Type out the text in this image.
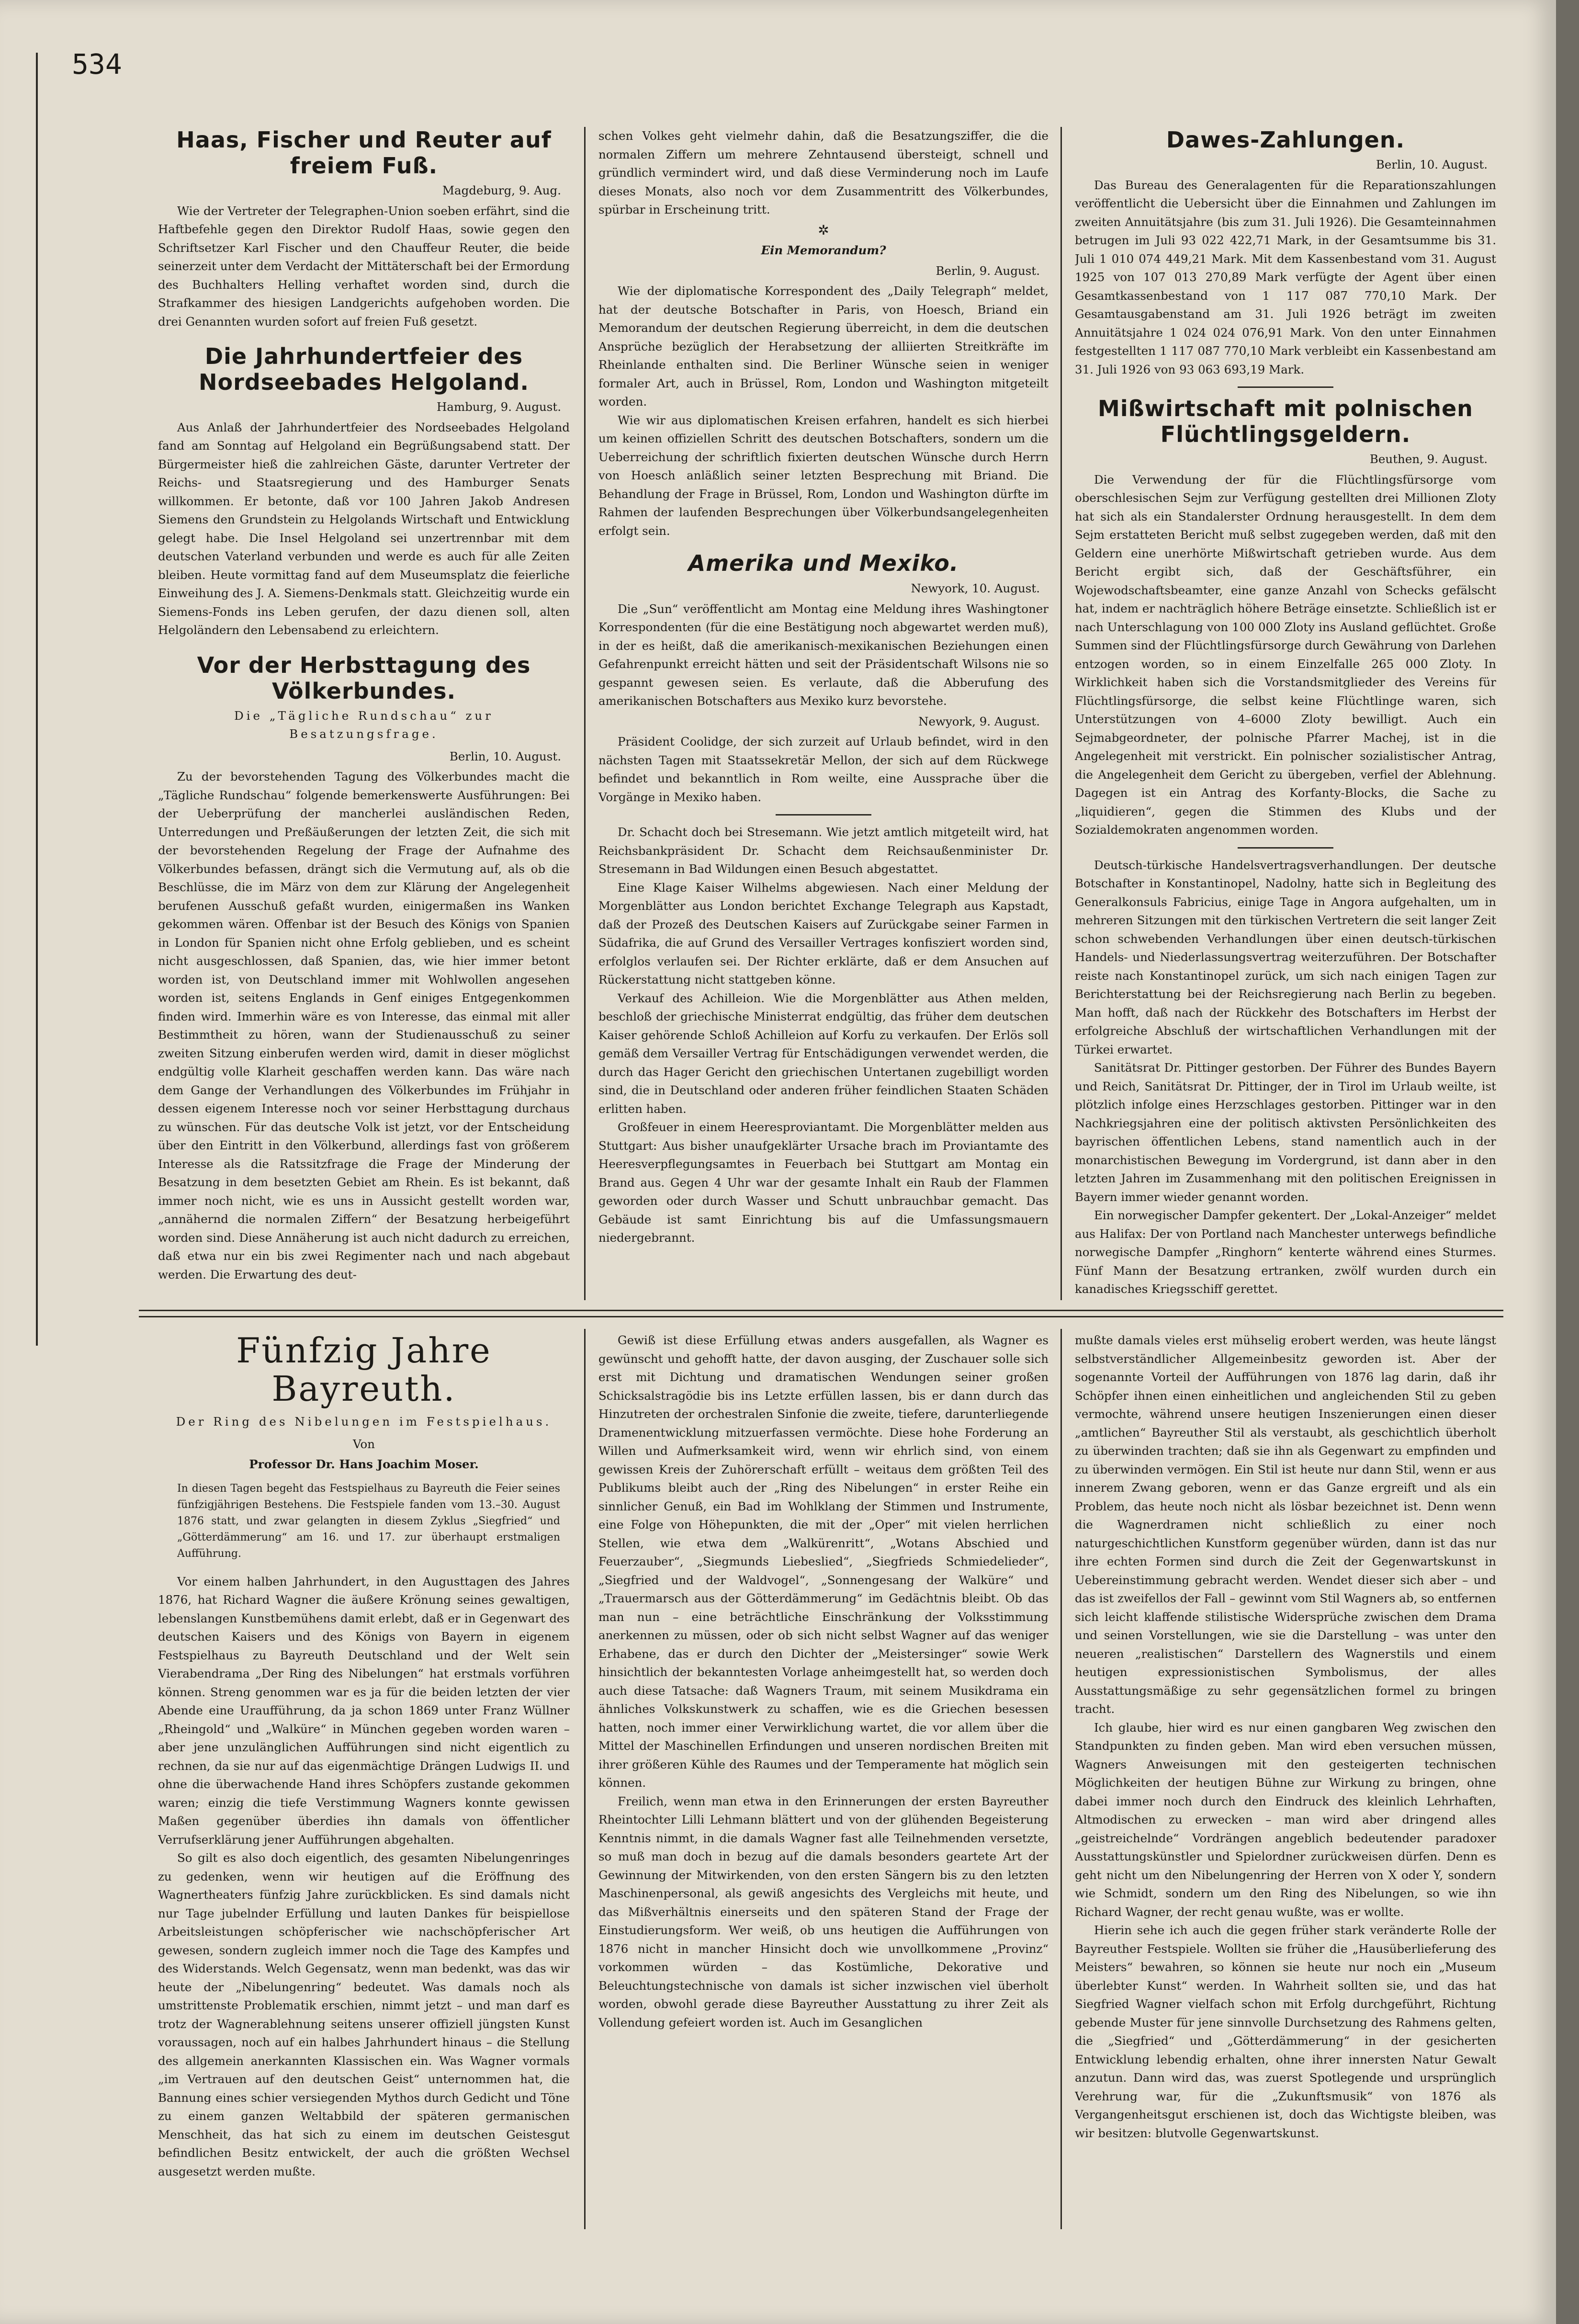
534
Haas, Fischer und Reuter auf freiem Fuß.
Magdeburg, 9. Aug.

Wie der Vertreter der Telegraphen-Union soeben erfährt, sind die Haftbefehle gegen den Direktor Rudolf Haas, sowie gegen den Schriftsetzer Karl Fischer und den Chauffeur Reuter, die beide seinerzeit unter dem Verdacht der Mittäterschaft bei der Ermordung des Buchhalters Helling verhaftet worden sind, durch die Strafkammer des hiesigen Landgerichts aufgehoben worden. Die drei Genannten wurden sofort auf freien Fuß gesetzt.

Die Jahrhundertfeier des Nordseebades Helgoland.
Hamburg, 9. August.

Aus Anlaß der Jahrhundertfeier des Nordseebades Helgoland fand am Sonntag auf Helgoland ein Begrüßungsabend statt. Der Bürgermeister hieß die zahlreichen Gäste, darunter Vertreter der Reichs- und Staatsregierung und des Hamburger Senats willkommen. Er betonte, daß vor 100 Jahren Jakob Andresen Siemens den Grundstein zu Helgolands Wirtschaft und Entwicklung gelegt habe. Die Insel Helgoland sei unzertrennbar mit dem deutschen Vaterland verbunden und werde es auch für alle Zeiten bleiben. Heute vormittag fand auf dem Museumsplatz die feierliche Einweihung des J. A. Siemens-Denkmals statt. Gleichzeitig wurde ein Siemens-Fonds ins Leben gerufen, der dazu dienen soll, alten Helgoländern den Lebensabend zu erleichtern.

Vor der Herbsttagung des Völkerbundes.
Die „Tägliche Rundschau“ zur Besatzungsfrage.
Berlin, 10. August.

Zu der bevorstehenden Tagung des Völkerbundes macht die „Tägliche Rundschau“ folgende bemerkenswerte Ausführungen: Bei der Ueberprüfung der mancherlei ausländischen Reden, Unterredungen und Preßäußerungen der letzten Zeit, die sich mit der bevorstehenden Regelung der Frage der Aufnahme des Völkerbundes befassen, drängt sich die Vermutung auf, als ob die Beschlüsse, die im März von dem zur Klärung der Angelegenheit berufenen Ausschuß gefaßt wurden, einigermaßen ins Wanken gekommen wären. Offenbar ist der Besuch des Königs von Spanien in London für Spanien nicht ohne Erfolg geblieben, und es scheint nicht ausgeschlossen, daß Spanien, das, wie hier immer betont worden ist, von Deutschland immer mit Wohlwollen angesehen worden ist, seitens Englands in Genf einiges Entgegenkommen finden wird. Immerhin wäre es von Interesse, das einmal mit aller Bestimmtheit zu hören, wann der Studienausschuß zu seiner zweiten Sitzung einberufen werden wird, damit in dieser möglichst endgültig volle Klarheit geschaffen werden kann. Das wäre nach dem Gange der Verhandlungen des Völkerbundes im Frühjahr in dessen eigenem Interesse noch vor seiner Herbsttagung durchaus zu wünschen. Für das deutsche Volk ist jetzt, vor der Entscheidung über den Eintritt in den Völkerbund, allerdings fast von größerem Interesse als die Ratssitzfrage die Frage der Minderung der Besatzung in dem besetzten Gebiet am Rhein. Es ist bekannt, daß immer noch nicht, wie es uns in Aussicht gestellt worden war, „annähernd die normalen Ziffern“ der Besatzung herbeigeführt worden sind. Diese Annäherung ist auch nicht dadurch zu erreichen, daß etwa nur ein bis zwei Regimenter nach und nach abgebaut werden. Die Erwartung des deut-

schen Volkes geht vielmehr dahin, daß die Besatzungsziffer, die die normalen Ziffern um mehrere Zehntausend übersteigt, schnell und gründlich vermindert wird, und daß diese Verminderung noch im Laufe dieses Monats, also noch vor dem Zusammentritt des Völkerbundes, spürbar in Erscheinung tritt.

✲
Ein Memorandum?
Berlin, 9. August.

Wie der diplomatische Korrespondent des „Daily Telegraph“ meldet, hat der deutsche Botschafter in Paris, von Hoesch, Briand ein Memorandum der deutschen Regierung überreicht, in dem die deutschen Ansprüche bezüglich der Herabsetzung der alliierten Streitkräfte im Rheinlande enthalten sind. Die Berliner Wünsche seien in weniger formaler Art, auch in Brüssel, Rom, London und Washington mitgeteilt worden.

Wie wir aus diplomatischen Kreisen erfahren, handelt es sich hierbei um keinen offiziellen Schritt des deutschen Botschafters, sondern um die Ueberreichung der schriftlich fixierten deutschen Wünsche durch Herrn von Hoesch anläßlich seiner letzten Besprechung mit Briand. Die Behandlung der Frage in Brüssel, Rom, London und Washington dürfte im Rahmen der laufenden Besprechungen über Völkerbundsangelegenheiten erfolgt sein.

Amerika und Mexiko.
Newyork, 10. August.

Die „Sun“ veröffentlicht am Montag eine Meldung ihres Washingtoner Korrespondenten (für die eine Bestätigung noch abgewartet werden muß), in der es heißt, daß die amerikanisch-mexikanischen Beziehungen einen Gefahrenpunkt erreicht hätten und seit der Präsidentschaft Wilsons nie so gespannt gewesen seien. Es verlaute, daß die Abberufung des amerikanischen Botschafters aus Mexiko kurz bevorstehe.

Newyork, 9. August.

Präsident Coolidge, der sich zurzeit auf Urlaub befindet, wird in den nächsten Tagen mit Staatssekretär Mellon, der sich auf dem Rückwege befindet und bekanntlich in Rom weilte, eine Aussprache über die Vorgänge in Mexiko haben.

Dr. Schacht doch bei Stresemann. Wie jetzt amtlich mitgeteilt wird, hat Reichsbankpräsident Dr. Schacht dem Reichsaußenminister Dr. Stresemann in Bad Wildungen einen Besuch abgestattet.

Eine Klage Kaiser Wilhelms abgewiesen. Nach einer Meldung der Morgenblätter aus London berichtet Exchange Telegraph aus Kapstadt, daß der Prozeß des Deutschen Kaisers auf Zurückgabe seiner Farmen in Südafrika, die auf Grund des Versailler Vertrages konfisziert worden sind, erfolglos verlaufen sei. Der Richter erklärte, daß er dem Ansuchen auf Rückerstattung nicht stattgeben könne.

Verkauf des Achilleion. Wie die Morgenblätter aus Athen melden, beschloß der griechische Ministerrat endgültig, das früher dem deutschen Kaiser gehörende Schloß Achilleion auf Korfu zu verkaufen. Der Erlös soll gemäß dem Versailler Vertrag für Entschädigungen verwendet werden, die durch das Hager Gericht den griechischen Untertanen zugebilligt worden sind, die in Deutschland oder anderen früher feindlichen Staaten Schäden erlitten haben.

Großfeuer in einem Heeresproviantamt. Die Morgenblätter melden aus Stuttgart: Aus bisher unaufgeklärter Ursache brach im Proviantamte des Heeresverpflegungsamtes in Feuerbach bei Stuttgart am Montag ein Brand aus. Gegen 4 Uhr war der gesamte Inhalt ein Raub der Flammen geworden oder durch Wasser und Schutt unbrauchbar gemacht. Das Gebäude ist samt Einrichtung bis auf die Umfassungsmauern niedergebrannt.

Dawes-Zahlungen.
Berlin, 10. August.

Das Bureau des Generalagenten für die Reparationszahlungen veröffentlicht die Uebersicht über die Einnahmen und Zahlungen im zweiten Annuitätsjahre (bis zum 31. Juli 1926). Die Gesamteinnahmen betrugen im Juli 93 022 422,71 Mark, in der Gesamtsumme bis 31. Juli 1 010 074 449,21 Mark. Mit dem Kassenbestand vom 31. August 1925 von 107 013 270,89 Mark verfügte der Agent über einen Gesamtkassenbestand von 1 117 087 770,10 Mark. Der Gesamtausgabenstand am 31. Juli 1926 beträgt im zweiten Annuitätsjahre 1 024 024 076,91 Mark. Von den unter Einnahmen festgestellten 1 117 087 770,10 Mark verbleibt ein Kassenbestand am 31. Juli 1926 von 93 063 693,19 Mark.

Mißwirtschaft mit polnischen Flüchtlingsgeldern.
Beuthen, 9. August.

Die Verwendung der für die Flüchtlingsfürsorge vom oberschlesischen Sejm zur Verfügung gestellten drei Millionen Zloty hat sich als ein Standalerster Ordnung herausgestellt. In dem dem Sejm erstatteten Bericht muß selbst zugegeben werden, daß mit den Geldern eine unerhörte Mißwirtschaft getrieben wurde. Aus dem Bericht ergibt sich, daß der Geschäftsführer, ein Wojewodschaftsbeamter, eine ganze Anzahl von Schecks gefälscht hat, indem er nachträglich höhere Beträge einsetzte. Schließlich ist er nach Unterschlagung von 100 000 Zloty ins Ausland geflüchtet. Große Summen sind der Flüchtlingsfürsorge durch Gewährung von Darlehen entzogen worden, so in einem Einzelfalle 265 000 Zloty. In Wirklichkeit haben sich die Vorstandsmitglieder des Vereins für Flüchtlingsfürsorge, die selbst keine Flüchtlinge waren, sich Unterstützungen von 4–6000 Zloty bewilligt. Auch ein Sejmabgeordneter, der polnische Pfarrer Machej, ist in die Angelegenheit mit verstrickt. Ein polnischer sozialistischer Antrag, die Angelegenheit dem Gericht zu übergeben, verfiel der Ablehnung. Dagegen ist ein Antrag des Korfanty-Blocks, die Sache zu „liquidieren“, gegen die Stimmen des Klubs und der Sozialdemokraten angenommen worden.

Deutsch-türkische Handelsvertragsverhandlungen. Der deutsche Botschafter in Konstantinopel, Nadolny, hatte sich in Begleitung des Generalkonsuls Fabricius, einige Tage in Angora aufgehalten, um in mehreren Sitzungen mit den türkischen Vertretern die seit langer Zeit schon schwebenden Verhandlungen über einen deutsch-türkischen Handels- und Niederlassungsvertrag weiterzuführen. Der Botschafter reiste nach Konstantinopel zurück, um sich nach einigen Tagen zur Berichterstattung bei der Reichsregierung nach Berlin zu begeben. Man hofft, daß nach der Rückkehr des Botschafters im Herbst der erfolgreiche Abschluß der wirtschaftlichen Verhandlungen mit der Türkei erwartet.

Sanitätsrat Dr. Pittinger gestorben. Der Führer des Bundes Bayern und Reich, Sanitätsrat Dr. Pittinger, der in Tirol im Urlaub weilte, ist plötzlich infolge eines Herzschlages gestorben. Pittinger war in den Nachkriegsjahren eine der politisch aktivsten Persönlichkeiten des bayrischen öffentlichen Lebens, stand namentlich auch in der monarchistischen Bewegung im Vordergrund, ist dann aber in den letzten Jahren im Zusammenhang mit den politischen Ereignissen in Bayern immer wieder genannt worden.

Ein norwegischer Dampfer gekentert. Der „Lokal-Anzeiger“ meldet aus Halifax: Der von Portland nach Manchester unterwegs befindliche norwegische Dampfer „Ringhorn“ kenterte während eines Sturmes. Fünf Mann der Besatzung ertranken, zwölf wurden durch ein kanadisches Kriegsschiff gerettet.

Fünfzig Jahre Bayreuth.
Der Ring des Nibelungen im Festspielhaus.
Von
Professor Dr. Hans Joachim Moser.
In diesen Tagen begeht das Festspielhaus zu Bayreuth die Feier seines fünfzigjährigen Bestehens. Die Festspiele fanden vom 13.–30. August 1876 statt, und zwar gelangten in diesem Zyklus „Siegfried“ und „Götterdämmerung“ am 16. und 17. zur überhaupt erstmaligen Aufführung.

Vor einem halben Jahrhundert, in den Augusttagen des Jahres 1876, hat Richard Wagner die äußere Krönung seines gewaltigen, lebenslangen Kunstbemühens damit erlebt, daß er in Gegenwart des deutschen Kaisers und des Königs von Bayern in eigenem Festspielhaus zu Bayreuth Deutschland und der Welt sein Vierabendrama „Der Ring des Nibelungen“ hat erstmals vorführen können. Streng genommen war es ja für die beiden letzten der vier Abende eine Uraufführung, da ja schon 1869 unter Franz Wüllner „Rheingold“ und „Walküre“ in München gegeben worden waren – aber jene unzulänglichen Aufführungen sind nicht eigentlich zu rechnen, da sie nur auf das eigenmächtige Drängen Ludwigs II. und ohne die überwachende Hand ihres Schöpfers zustande gekommen waren; einzig die tiefe Verstimmung Wagners konnte gewissen Maßen gegenüber überdies ihn damals von öffentlicher Verrufserklärung jener Aufführungen abgehalten.

So gilt es also doch eigentlich, des gesamten Nibelungenringes zu gedenken, wenn wir heutigen auf die Eröffnung des Wagnertheaters fünfzig Jahre zurückblicken. Es sind damals nicht nur Tage jubelnder Erfüllung und lauten Dankes für beispiellose Arbeitsleistungen schöpferischer wie nachschöpferischer Art gewesen, sondern zugleich immer noch die Tage des Kampfes und des Widerstands. Welch Gegensatz, wenn man bedenkt, was das wir heute der „Nibelungenring“ bedeutet. Was damals noch als umstrittenste Problematik erschien, nimmt jetzt – und man darf es trotz der Wagnerablehnung seitens unserer offiziell jüngsten Kunst voraussagen, noch auf ein halbes Jahrhundert hinaus – die Stellung des allgemein anerkannten Klassischen ein. Was Wagner vormals „im Vertrauen auf den deutschen Geist“ unternommen hat, die Bannung eines schier versiegenden Mythos durch Gedicht und Töne zu einem ganzen Weltabbild der späteren germanischen Menschheit, das hat sich zu einem im deutschen Geistesgut befindlichen Besitz entwickelt, der auch die größten Wechsel ausgesetzt werden mußte.

Gewiß ist diese Erfüllung etwas anders ausgefallen, als Wagner es gewünscht und gehofft hatte, der davon ausging, der Zuschauer solle sich erst mit Dichtung und dramatischen Wendungen seiner großen Schicksalstragödie bis ins Letzte erfüllen lassen, bis er dann durch das Hinzutreten der orchestralen Sinfonie die zweite, tiefere, darunterliegende Dramenentwicklung mitzuerfassen vermöchte. Diese hohe Forderung an Willen und Aufmerksamkeit wird, wenn wir ehrlich sind, von einem gewissen Kreis der Zuhörerschaft erfüllt – weitaus dem größten Teil des Publikums bleibt auch der „Ring des Nibelungen“ in erster Reihe ein sinnlicher Genuß, ein Bad im Wohlklang der Stimmen und Instrumente, eine Folge von Höhepunkten, die mit der „Oper“ mit vielen herrlichen Stellen, wie etwa dem „Walkürenritt“, „Wotans Abschied und Feuerzauber“, „Siegmunds Liebeslied“, „Siegfrieds Schmiedelieder“, „Siegfried und der Waldvogel“, „Sonnengesang der Walküre“ und „Trauermarsch aus der Götterdämmerung“ im Gedächtnis bleibt. Ob das man nun – eine beträchtliche Einschränkung der Volksstimmung anerkennen zu müssen, oder ob sich nicht selbst Wagner auf das weniger Erhabene, das er durch den Dichter der „Meistersinger“ sowie Werk hinsichtlich der bekanntesten Vorlage anheimgestellt hat, so werden doch auch diese Tatsache: daß Wagners Traum, mit seinem Musikdrama ein ähnliches Volkskunstwerk zu schaffen, wie es die Griechen besessen hatten, noch immer einer Verwirklichung wartet, die vor allem über die Mittel der Maschinellen Erfindungen und unseren nordischen Breiten mit ihrer größeren Kühle des Raumes und der Temperamente hat möglich sein können.

Freilich, wenn man etwa in den Erinnerungen der ersten Bayreuther Rheintochter Lilli Lehmann blättert und von der glühenden Begeisterung Kenntnis nimmt, in die damals Wagner fast alle Teilnehmenden versetzte, so muß man doch in bezug auf die damals besonders geartete Art der Gewinnung der Mitwirkenden, von den ersten Sängern bis zu den letzten Maschinenpersonal, als gewiß angesichts des Vergleichs mit heute, und das Mißverhältnis einerseits und den späteren Stand der Frage der Einstudierungsform. Wer weiß, ob uns heutigen die Aufführungen von 1876 nicht in mancher Hinsicht doch wie unvollkommene „Provinz“ vorkommen würden – das Kostümliche, Dekorative und Beleuchtungstechnische von damals ist sicher inzwischen viel überholt worden, obwohl gerade diese Bayreuther Ausstattung zu ihrer Zeit als Vollendung gefeiert worden ist. Auch im Gesanglichen

mußte damals vieles erst mühselig erobert werden, was heute längst selbstverständlicher Allgemeinbesitz geworden ist. Aber der sogenannte Vorteil der Aufführungen von 1876 lag darin, daß ihr Schöpfer ihnen einen einheitlichen und angleichenden Stil zu geben vermochte, während unsere heutigen Inszenierungen einen dieser „amtlichen“ Bayreuther Stil als verstaubt, als geschichtlich überholt zu überwinden trachten; daß sie ihn als Gegenwart zu empfinden und zu überwinden vermögen. Ein Stil ist heute nur dann Stil, wenn er aus innerem Zwang geboren, wenn er das Ganze ergreift und als ein Problem, das heute noch nicht als lösbar bezeichnet ist. Denn wenn die Wagnerdramen nicht schließlich zu einer noch naturgeschichtlichen Kunstform gegenüber würden, dann ist das nur ihre echten Formen sind durch die Zeit der Gegenwartskunst in Uebereinstimmung gebracht werden. Wendet dieser sich aber – und das ist zweifellos der Fall – gewinnt vom Stil Wagners ab, so entfernen sich leicht klaffende stilistische Widersprüche zwischen dem Drama und seinen Vorstellungen, wie sie die Darstellung – was unter den neueren „realistischen“ Darstellern des Wagnerstils und einem heutigen expressionistischen Symbolismus, der alles Ausstattungsmäßige zu sehr gegensätzlichen formel zu bringen tracht.

Ich glaube, hier wird es nur einen gangbaren Weg zwischen den Standpunkten zu finden geben. Man wird eben versuchen müssen, Wagners Anweisungen mit den gesteigerten technischen Möglichkeiten der heutigen Bühne zur Wirkung zu bringen, ohne dabei immer noch durch den Eindruck des kleinlich Lehrhaften, Altmodischen zu erwecken – man wird aber dringend alles „geistreichelnde“ Vordrängen angeblich bedeutender paradoxer Ausstattungskünstler und Spielordner zurückweisen dürfen. Denn es geht nicht um den Nibelungenring der Herren von X oder Y, sondern wie Schmidt, sondern um den Ring des Nibelungen, so wie ihn Richard Wagner, der recht genau wußte, was er wollte.

Hierin sehe ich auch die gegen früher stark veränderte Rolle der Bayreuther Festspiele. Wollten sie früher die „Hausüberlieferung des Meisters“ bewahren, so können sie heute nur noch ein „Museum überlebter Kunst“ werden. In Wahrheit sollten sie, und das hat Siegfried Wagner vielfach schon mit Erfolg durchgeführt, Richtung gebende Muster für jene sinnvolle Durchsetzung des Rahmens gelten, die „Siegfried“ und „Götterdämmerung“ in der gesicherten Entwicklung lebendig erhalten, ohne ihrer innersten Natur Gewalt anzutun. Dann wird das, was zuerst Spotlegende und ursprünglich Verehrung war, für die „Zukunftsmusik“ von 1876 als Vergangenheitsgut erschienen ist, doch das Wichtigste bleiben, was wir besitzen: blutvolle Gegenwartskunst.
